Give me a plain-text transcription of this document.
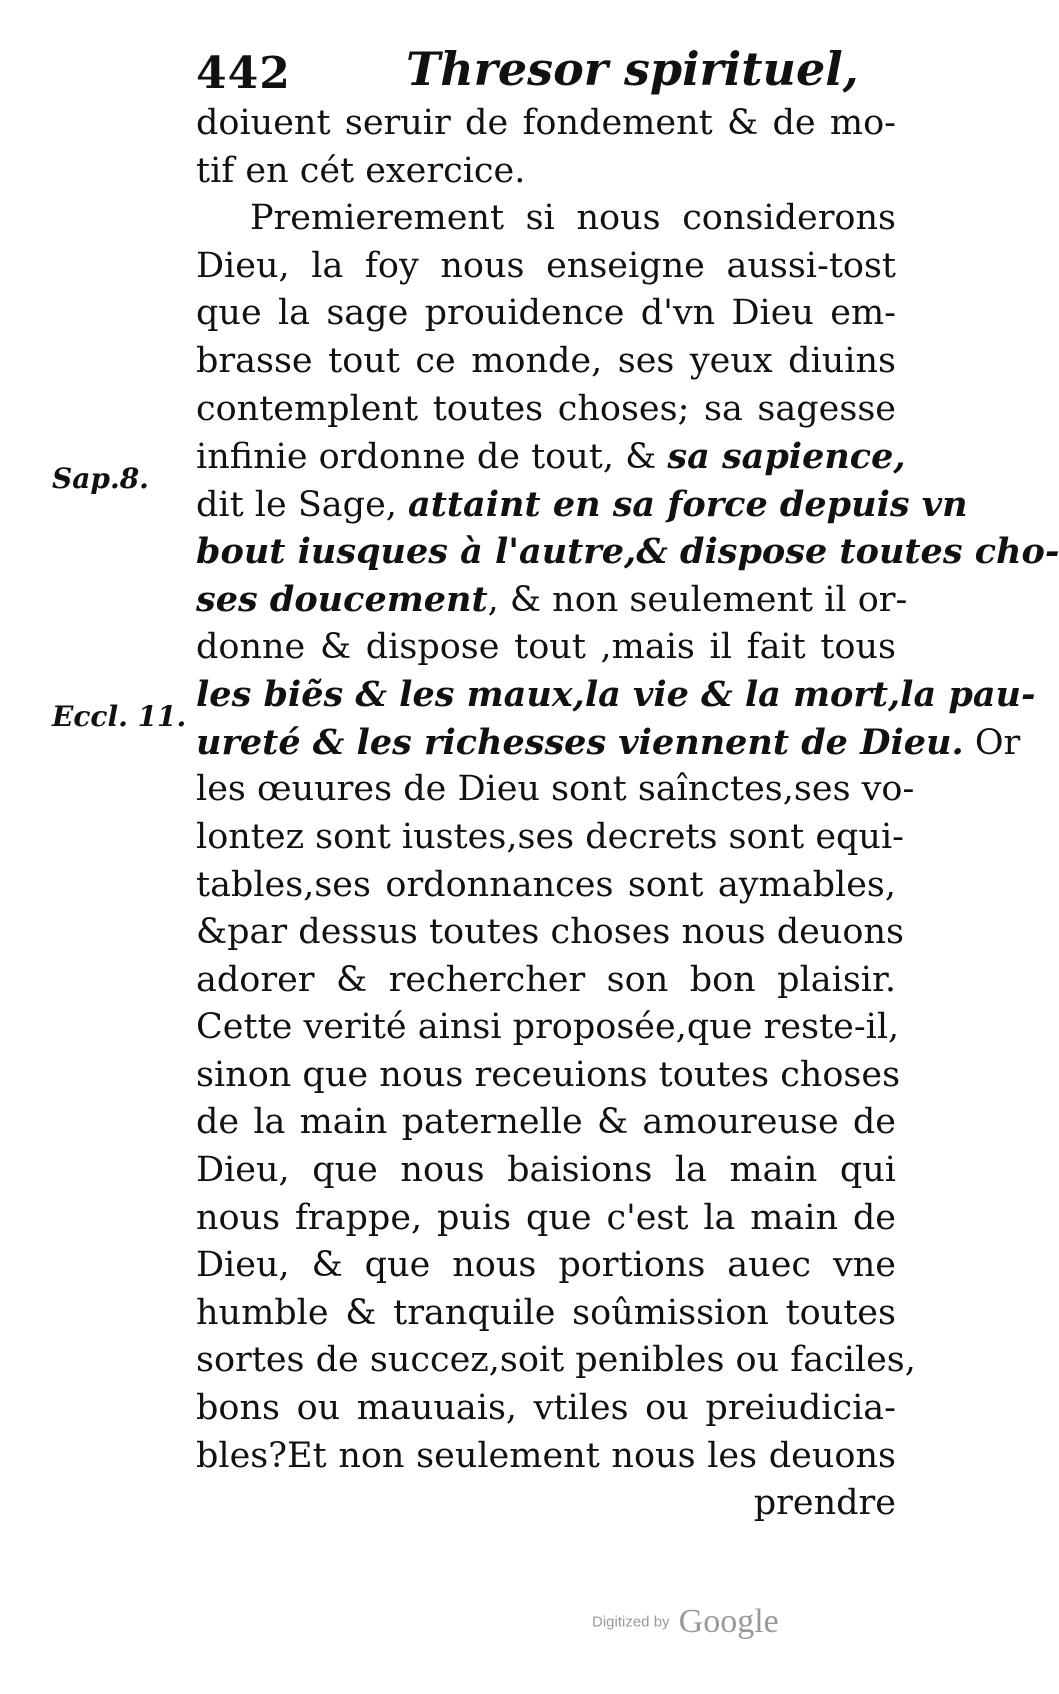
442	Thresor spirituel,
Sap.8.
Eccl. 11.
doiuent seruir de fondement & de mo-
tif en cét exercice.
Premierement si nous considerons
Dieu, la foy nous enseigne aussi-tost
que la sage prouidence d'vn Dieu em-
brasse tout ce monde, ses yeux diuins
contemplent toutes choses; sa sagesse
infinie ordonne de tout, & sa sapience,
dit le Sage, attaint en sa force depuis vn
bout iusques à l'autre,& dispose toutes cho-
ses doucement, & non seulement il or-
donne & dispose tout ,mais il fait tous
les biẽs & les maux,la vie & la mort,la pau-
ureté & les richesses viennent de Dieu. Or
les œuures de Dieu sont saînctes,ses vo-
lontez sont iustes,ses decrets sont equi-
tables,ses ordonnances sont aymables,
&par dessus toutes choses nous deuons
adorer & rechercher son bon plaisir.
Cette verité ainsi proposée,que reste-il,
sinon que nous receuions toutes choses
de la main paternelle & amoureuse de
Dieu, que nous baisions la main qui
nous frappe, puis que c'est la main de
Dieu, & que nous portions auec vne
humble & tranquile soûmission toutes
sortes de succez,soit penibles ou faciles,
bons ou mauuais, vtiles ou preiudicia-
bles?Et non seulement nous les deuons
prendre
Digitized by Google
